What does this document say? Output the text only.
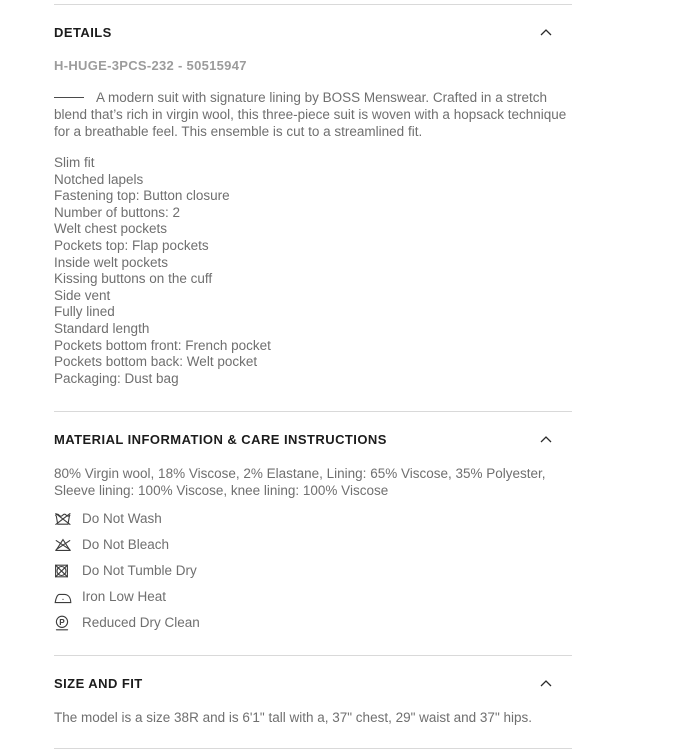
DETAILS
H-HUGE-3PCS-232 - 50515947

A modern suit with signature lining by BOSS Menswear. Crafted in a stretch blend that’s rich in virgin wool, this three-piece suit is woven with a hopsack technique for a breathable feel. This ensemble is cut to a streamlined fit.

Slim fit
Notched lapels
Fastening top: Button closure
Number of buttons: 2
Welt chest pockets
Pockets top: Flap pockets
Inside welt pockets
Kissing buttons on the cuff
Side vent
Fully lined
Standard length
Pockets bottom front: French pocket
Pockets bottom back: Welt pocket
Packaging: Dust bag
MATERIAL INFORMATION & CARE INSTRUCTIONS

80% Virgin wool, 18% Viscose, 2% Elastane, Lining: 65% Viscose, 35% Polyester, Sleeve lining: 100% Viscose, knee lining: 100% Viscose

Do Not Wash
Do Not Bleach
Do Not Tumble Dry
Iron Low Heat
P Reduced Dry Clean
SIZE AND FIT

The model is a size 38R and is 6'1" tall with a, 37" chest, 29" waist and 37" hips.
